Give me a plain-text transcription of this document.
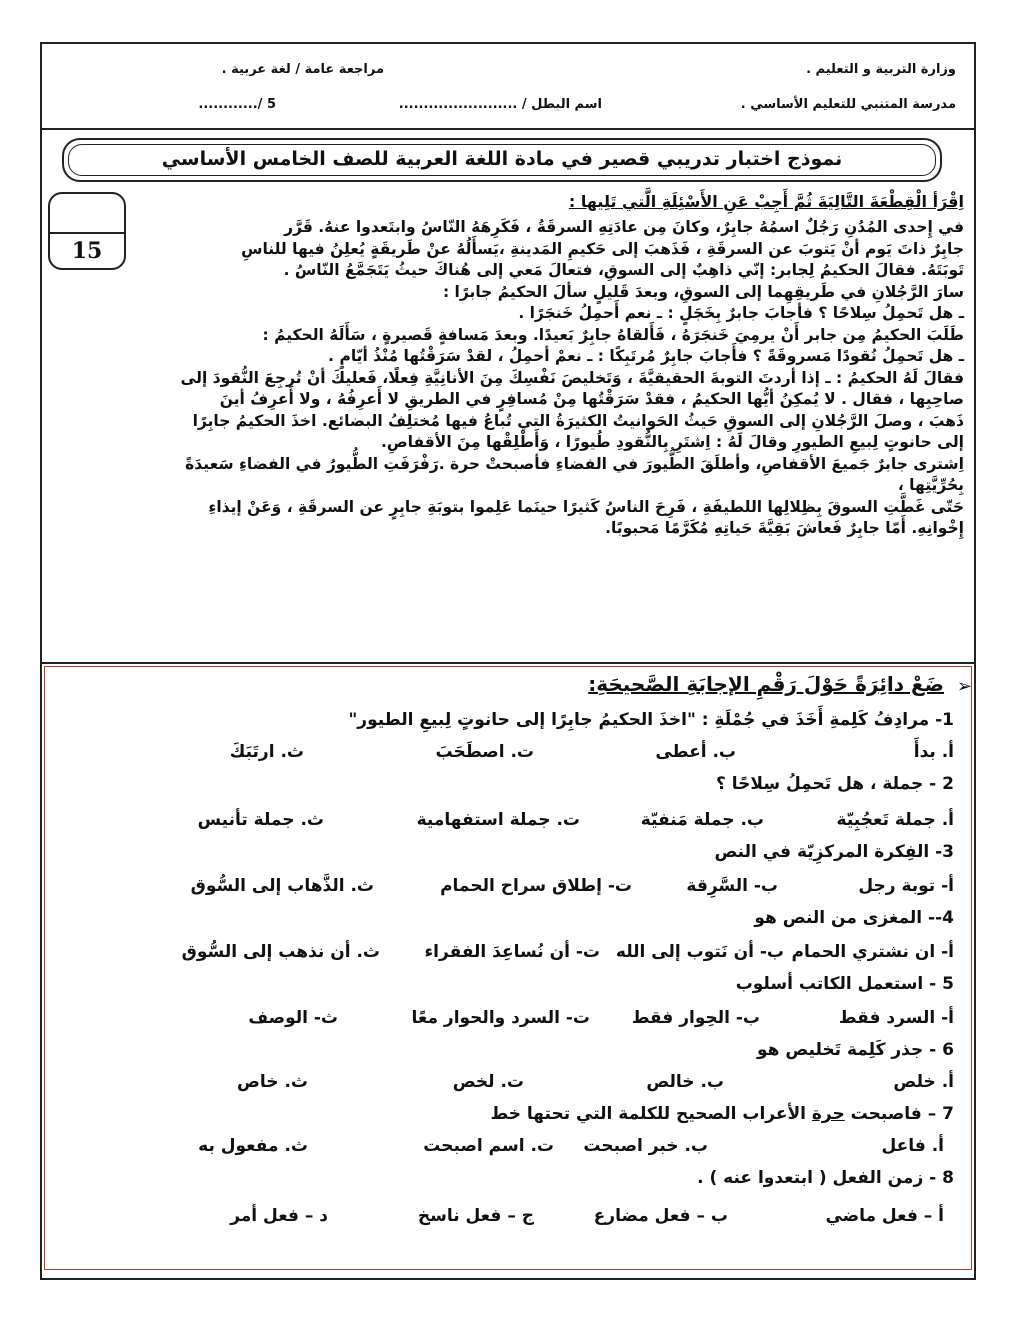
وزارة التربية و التعليم .
مراجعة عامة / لغة عربية .
مدرسة المتنبي للتعليم الأساسي .
اسم البطل / ........................
5 /............
نموذج اختبار تدريبي قصير في مادة اللغة العربية للصف الخامس الأساسي
15
اِقْرَأ الْقِطْعَةَ التَّالِيَةَ ثُمَّ أَجِبْ عَنِ الأَسْئِلَةِ الَّتي تَلِيها :
في إِحدى المُدُنِ رَجُلٌ اسمُهُ جابِرٌ، وكانَ مِن عادَتِهِ السرقَةُ ، فَكَرِهَهُ النّاسُ وابتَعدوا عنهُ. قَرَّر
جابِرٌ ذاتَ يَوم أنْ يَتوبَ عن السرقَةِ ، فَذَهبَ إلى حَكيمِ المَدينةِ ،يَسأَلُهُ عنْ طَريقَةٍ يُعلِنُ فيها للناسِ
تَوبَتَهُ. فقالَ الحكيمُ لِجابر: إنّي ذاهِبٌ إلى السوقِ، فتعالَ مَعي إلى هُناكَ حيثُ يَتَجَمَّعُ النّاسُ .
سارَ الرَّجُلانِ في طَريقِهِما إلى السوقِ، وبعدَ قَليلٍ سألَ الحكيمُ جابرًا :
ـ هل تَحمِلُ سِلاحًا ؟ فأجابَ جابرٌ بِخَجَلٍ : ـ نعم أَحمِلُ خَنجَرًا .
طَلَبَ الحكيمُ مِن جابر أَنْ يرمِيَ خَنجَرَهُ ، فَأَلقاهُ جابِرٌ بَعيدًا. وبعدَ مَسافةٍ قَصيرةٍ ، سَأَلَهُ الحكيمُ :
ـ هل تَحمِلُ نُقودًا مَسروقَةً ؟ فأَجابَ جابِرٌ مُرتَبِكًا : ـ نعمْ أحمِلُ ، لقدْ سَرَقْتُها مُنْذُ أيّامٍ .
فقالَ لَهُ الحكيمُ : ـ إذا أردتَ التوبةَ الحقيقيَّةَ ، وَتَخليصَ نَفْسِكَ مِنَ الأنانِيَّةِ فِعلًا، فَعليكَ أنْ تُرجِعَ النُّقودَ إلى
صاحِبِها ، فقال . لا يُمكِنُ أيُّها الحكيمُ ، فقدْ سَرَقْتُها مِنْ مُسافِرٍ في الطريقِ لا أَعرِفُهُ ، ولا أَعرِفُ أينَ
ذَهبَ ، وصلَ الرَّجُلانِ إلى السوقِ حَيثُ الحَوانيتُ الكثيرَةُ التي تُباعُ فيها مُختلِفُ البضائع. اخذَ الحكيمُ جابِرًا
إلى حانوتٍ لِبيعِ الطيورِ وقالَ لَهُ : اِشتَرِ بِالنُّقودِ طُيورًا ، وَأَطْلِقْها مِنَ الأقفاصِ.
اِشترى جابرٌ جَميعَ الأقفاصِ، وأطلَقَ الطُّيورَ في الفضاءِ فأصبحتْ حرة .رَفْرَفَتِ الطُّيورُ في الفضاءِ سَعيدَةً
بِحُرِّيَّتِها ،
حَتّى غَطَّتِ السوقَ بِظِلالِها اللطيفَةِ ، فَرِحَ الناسُ كَثيرًا حينَما عَلِموا بتوبَةِ جابِرٍ عن السرقَةِ ، وَعَنْ إيذاءِ
إِخْوانِهِ. أَمّا جابِرٌ فَعاشَ بَقِيَّةَ حَياتِهِ مُكَرَّمًا مَحبوبًا.
➢
ضَعْ دائِرَةً حَوْلَ رَقْمِ الإجابَةِ الصَّحيحَةِ:
1- مرادِفُ كَلِمةِ أَخَذَ في جُمْلَةِ : "اخذَ الحكيمُ جابِرًا إلى حانوتٍ لِبيعِ الطيور"
أ. بدأَ
ب. أعطى
ت. اصطَحَبَ
ث. ارتَبَكَ
2 - جملة ، هل تَحمِلُ سِلاحًا ؟
أ. جملة تَعجُبِيّة
ب. جملة مَنفيّة
ت. جملة استفهامية
ث. جملة تأنيس
3- الفِكرة المركزِيّة في النص
أ- توبة رجل
ب- السَّرِقة
ت- إطلاق سراح الحمام
ث. الذَّهاب إلى السُّوق
4-- المغزى من النص هو
أ- ان نشتري الحمام
ب- أن نَتوب إلى الله
ت- أن نُساعِدَ الفقراء
ث. أن نذهب إلى السُّوق
5 - استعمل الكاتب أسلوب
أ- السرد فقط
ب- الحِوار فقط
ت- السرد والحوار معًا
ث- الوصف
6 - جذر كَلِمة تَخليص هو
أ. خلص
ب. خالص
ت. لخص
ث. خاص
7 – فاصبحت حرة الأعراب الصحيح للكلمة التي تحتها خط
أ. فاعل
ب. خبر اصبحت
ت. اسم اصبحت
ث. مفعول به
8 - زمن الفعل ( ابتعدوا عنه ) .
أ – فعل ماضي
ب – فعل مضارع
ج – فعل ناسخ
د – فعل أمر
